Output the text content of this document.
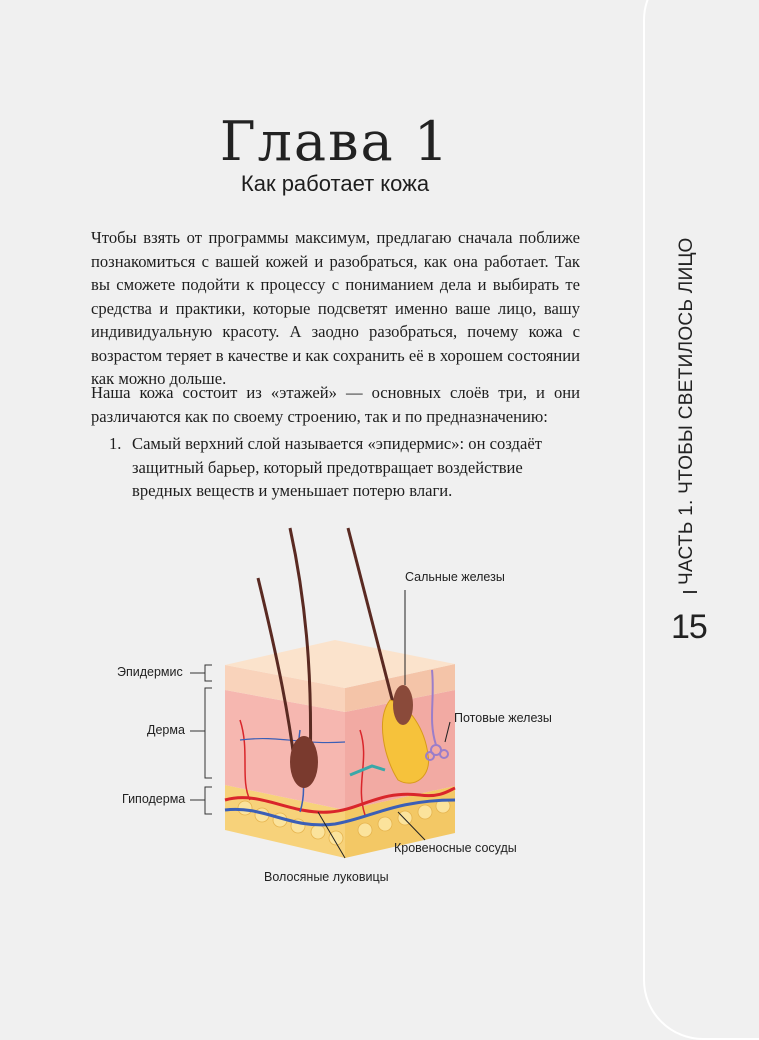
ЧАСТЬ 1. ЧТОБЫ СВЕТИЛОСЬ ЛИЦО
15
Глава 1
Как работает кожа

Чтобы взять от программы максимум, предлагаю сначала поближе познакомиться с вашей кожей и разобраться, как она работает. Так вы сможете подойти к процессу с пониманием дела и выбирать те средства и практики, которые подсветят именно ваше лицо, вашу индивидуальную красоту. А заодно разобраться, почему кожа с возрастом теряет в качестве и как сохранить её в хорошем состоянии как можно дольше.

Наша кожа состоит из «этажей» — основных слоёв три, и они различаются как по своему строению, так и по предназначению:

1. Самый верхний слой называется «эпидермис»: он создаёт защитный барьер, который предотвращает воздействие вредных веществ и уменьшает потерю влаги.
Сальные железы
Эпидермис
Дерма
Потовые железы
Гиподерма
Кровеносные сосуды
Волосяные луковицы
